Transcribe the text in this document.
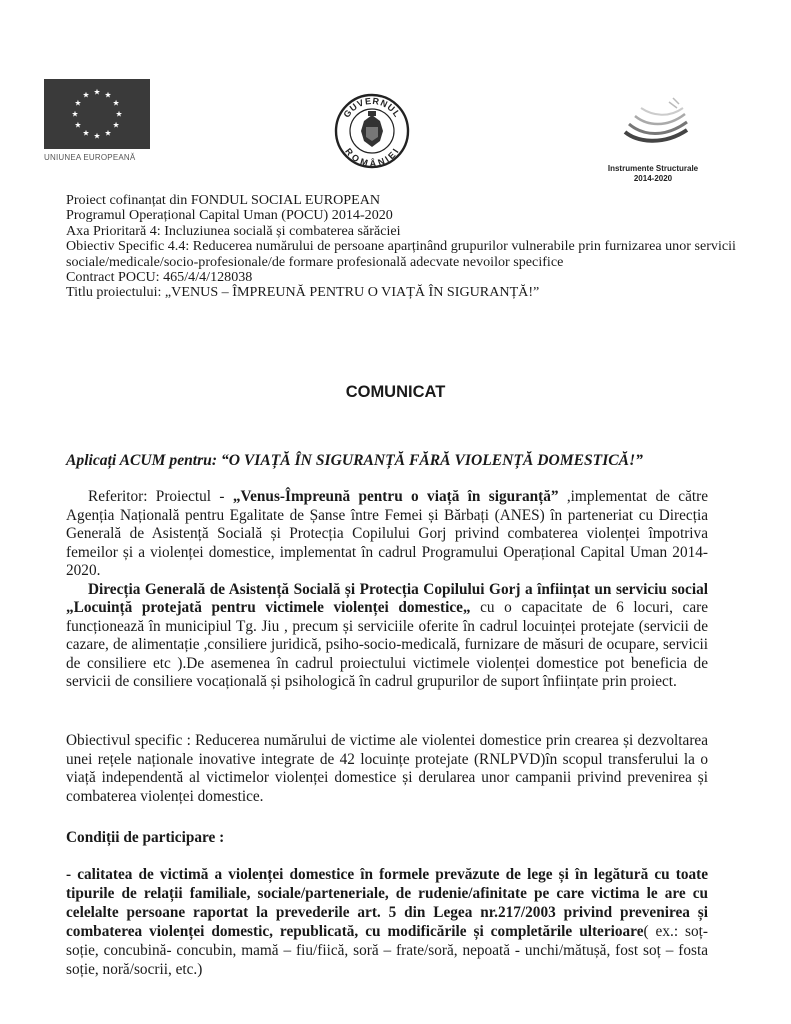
UNIUNEA EUROPEANĂ
GUVERNUL
ROMÂNIEI
Instrumente Structurale
2014-2020
Proiect cofinanțat din FONDUL SOCIAL EUROPEAN
Programul Operațional Capital Uman (POCU) 2014-2020
Axa Prioritară 4: Incluziunea socială și combaterea sărăciei
Obiectiv Specific 4.4: Reducerea numărului de persoane aparținând grupurilor vulnerabile prin furnizarea unor servicii sociale/medicale/socio-profesionale/de formare profesională adecvate nevoilor specifice
Contract POCU: 465/4/4/128038
Titlu proiectului: „VENUS – ÎMPREUNĂ PENTRU O VIAȚĂ ÎN SIGURANȚĂ!”
COMUNICAT
Aplicați ACUM pentru: “O VIAȚĂ ÎN SIGURANȚĂ FĂRĂ VIOLENȚĂ DOMESTICĂ!”
Referitor: Proiectul - „Venus-Împreună pentru o viață în siguranță” ,implementat de către Agenția Națională pentru Egalitate de Șanse între Femei și Bărbați (ANES) în parteneriat cu Direcția Generală de Asistență Socială și Protecția Copilului Gorj privind combaterea violenței împotriva femeilor și a violenței domestice, implementat în cadrul Programului Operațional Capital Uman 2014-2020.
Direcția Generală de Asistență Socială și Protecția Copilului Gorj a înființat un serviciu social „Locuință protejată pentru victimele violenței domestice„ cu o capacitate de 6 locuri, care funcționează în municipiul Tg. Jiu , precum și serviciile oferite în cadrul locuinței protejate (servicii de cazare, de alimentație ,consiliere juridică, psiho-socio-medicală, furnizare de măsuri de ocupare, servicii de consiliere etc ).De asemenea în cadrul proiectului victimele violenței domestice pot beneficia de servicii de consiliere vocațională și psihologică în cadrul grupurilor de suport înființate prin proiect.
Obiectivul specific : Reducerea numărului de victime ale violentei domestice prin crearea și dezvoltarea unei rețele naționale inovative integrate de 42 locuințe protejate (RNLPVD)în scopul transferului la o viață independentă al victimelor violenței domestice și derularea unor campanii privind prevenirea și combaterea violenței domestice.
Condiții de participare :
- calitatea de victimă a violenței domestice în formele prevăzute de lege și în legătură cu toate tipurile de relații familiale, sociale/parteneriale, de rudenie/afinitate pe care victima le are cu celelalte persoane raportat la prevederile art. 5 din Legea nr.217/2003 privind prevenirea și combaterea violenței domestic, republicată, cu modificările și completările ulterioare( ex.: soț- soție, concubină- concubin, mamă – fiu/fiică, soră – frate/soră, nepoată - unchi/mătușă, fost soț – fosta soție, noră/socrii, etc.)
